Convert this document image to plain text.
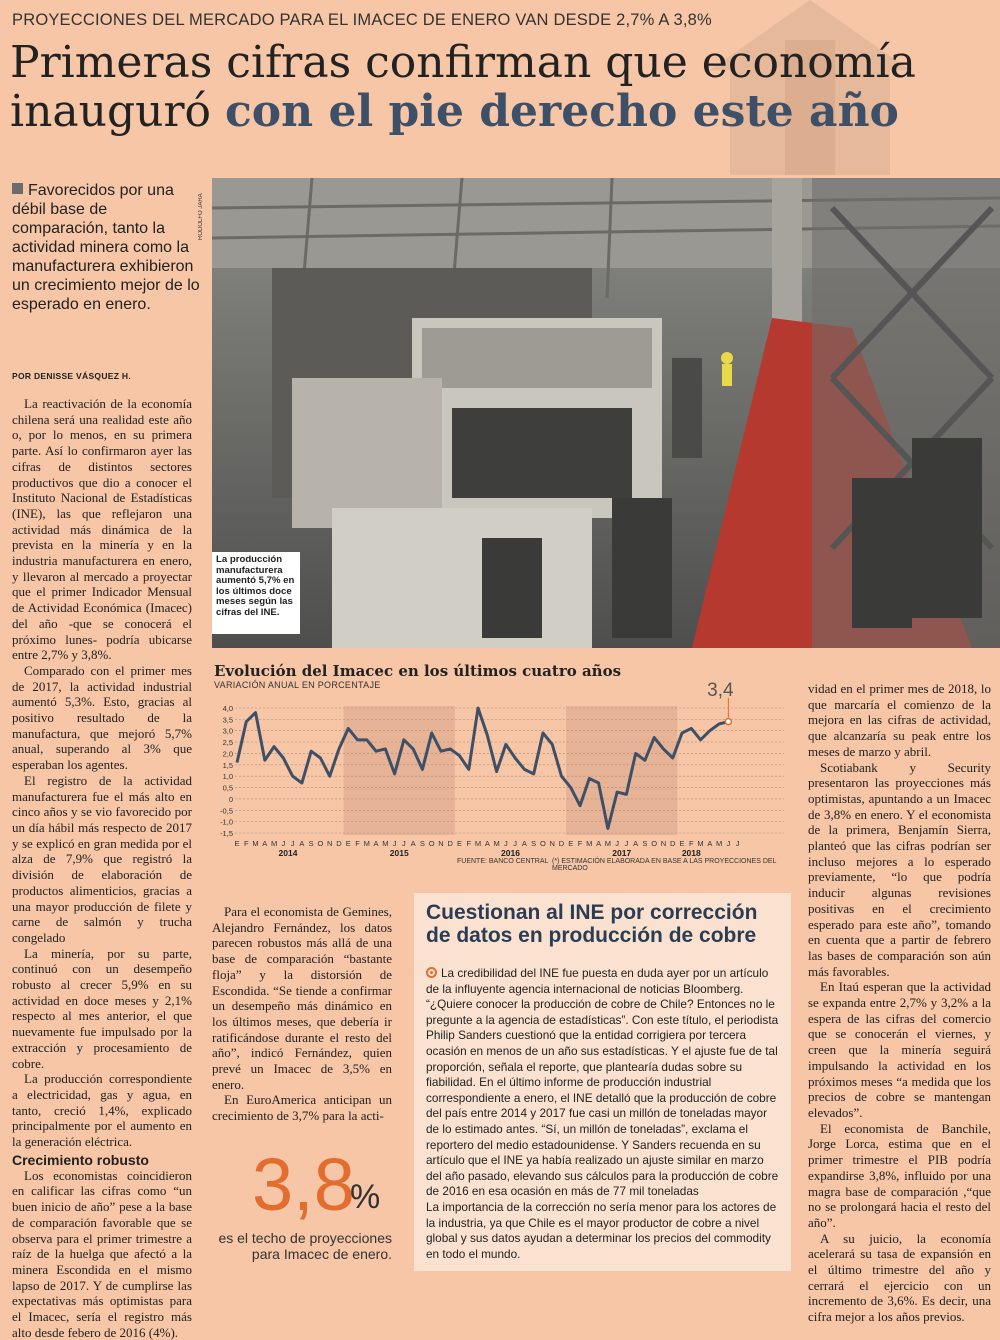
PROYECCIONES DEL MERCADO PARA EL IMACEC DE ENERO VAN DESDE 2,7% A 3,8%
Primeras cifras confirman que economía inauguró con el pie derecho este año
Favorecidos por una débil base de comparación, tanto la actividad minera como la manufacturera exhibieron un crecimiento mejor de lo esperado en enero.
POR DENISSE VÁSQUEZ H.
RODOLFO JARA
La producción manufacturera aumentó 5,7% en los últimos doce meses según las cifras del INE.
4,0
3,5
3,0
2,5
2,0
1,5
1,0
0,5
0
-0,5
-1,0
-1,5
E F M A M J J A S O N D E F M A M J J A S O N D E F M A M J J A S O N D E F M A M J J A S O N D E F M A M J J
2014	2015	2016	2017	2018
3,4
Evolución del Imacec en los últimos cuatro años
VARIACIÓN ANUAL EN PORCENTAJE
FUENTE: BANCO CENTRAL (*) ESTIMACIÓN ELABORADA EN BASE A LAS PROYECCIONES DEL MERCADO

La reactivación de la economía chilena será una realidad este año o, por lo menos, en su primera parte. Así lo confirmaron ayer las cifras de distintos sectores productivos que dio a conocer el Instituto Nacional de Estadísticas (INE), las que reflejaron una actividad más dinámica de la prevista en la minería y en la industria manufacturera en enero, y llevaron al mercado a proyectar que el primer Indicador Mensual de Actividad Económica (Imacec) del año -que se conocerá el próximo lunes- podría ubicarse entre 2,7% y 3,8%.

Comparado con el primer mes de 2017, la actividad industrial aumentó 5,3%. Esto, gracias al positivo resultado de la manufactura, que mejoró 5,7% anual, superando al 3% que esperaban los agentes.

El registro de la actividad manufacturera fue el más alto en cinco años y se vio favorecido por un día hábil más respecto de 2017 y se explicó en gran medida por el alza de 7,9% que registró la división de elaboración de productos alimenticios, gracias a una mayor producción de filete y carne de salmón y trucha congelado

La minería, por su parte, continuó con un desempeño robusto al crecer 5,9% en su actividad en doce meses y 2,1% respecto al mes anterior, el que nuevamente fue impulsado por la extracción y procesamiento de cobre.

La producción correspondiente a electricidad, gas y agua, en tanto, creció 1,4%, explicado principalmente por el aumento en la generación eléctrica.

Crecimiento robusto

Los economistas coincidieron en calificar las cifras como “un buen inicio de año” pese a la base de comparación favorable que se observa para el primer trimestre a raíz de la huelga que afectó a la minera Escondida en el mismo lapso de 2017. Y de cumplirse las expectativas más optimistas para el Imacec, sería el registro más alto desde febero de 2016 (4%).

Para el economista de Gemines, Alejandro Fernández, los datos parecen robustos más allá de una base de comparación “bastante floja” y la distorsión de Escondida. “Se tiende a confirmar un desempeño más dinámico en los últimos meses, que debería ir ratificándose durante el resto del año”, indicó Fernández, quien prevé un Imacec de 3,5% en enero.

En EuroAmerica anticipan un crecimiento de 3,7% para la acti-

vidad en el primer mes de 2018, lo que marcaría el comienzo de la mejora en las cifras de actividad, que alcanzaría su peak entre los meses de marzo y abril.

Scotiabank y Security presentaron las proyecciones más optimistas, apuntando a un Imacec de 3,8% en enero. Y el economista de la primera, Benjamín Sierra, planteó que las cifras podrían ser incluso mejores a lo esperado previamente, “lo que podría inducir algunas revisiones positivas en el crecimiento esperado para este año”, tomando en cuenta que a partir de febrero las bases de comparación son aún más favorables.

En Itaú esperan que la actividad se expanda entre 2,7% y 3,2% a la espera de las cifras del comercio que se conocerán el viernes, y creen que la minería seguirá impulsando la actividad en los próximos meses “a medida que los precios de cobre se mantengan elevados”.

El economista de Banchile, Jorge Lorca, estima que en el primer trimestre el PIB podría expandirse 3,8%, influido por una magra base de comparación ,“que no se prolongará hacia el resto del año”.

A su juicio, la economía acelerará su tasa de expansión en el último trimestre del año y cerrará el ejercicio con un incremento de 3,6%. Es decir, una cifra mejor a los años previos.

Cuestionan al INE por corrección de datos en producción de cobre

La credibilidad del INE fue puesta en duda ayer por un artículo de la influyente agencia internacional de noticias Bloomberg. “¿Quiere conocer la producción de cobre de Chile? Entonces no le pregunte a la agencia de estadísticas”. Con este título, el periodista Philip Sanders cuestionó que la entidad corrigiera por tercera ocasión en menos de un año sus estadísticas. Y el ajuste fue de tal proporción, señala el reporte, que plantearía dudas sobre su fiabilidad. En el último informe de producción industrial correspondiente a enero, el INE detalló que la producción de cobre del país entre 2014 y 2017 fue casi un millón de toneladas mayor de lo estimado antes. “Sí, un millón de toneladas”, exclama el reportero del medio estadounidense. Y Sanders recuenda en su artículo que el INE ya había realizado un ajuste similar en marzo del año pasado, elevando sus cálculos para la producción de cobre de 2016 en esa ocasión en más de 77 mil toneladas

La importancia de la corrección no sería menor para los actores de la industria, ya que Chile es el mayor productor de cobre a nivel global y sus datos ayudan a determinar los precios del commodity en todo el mundo.

3,8
%
es el techo de proyecciones para Imacec de enero.
